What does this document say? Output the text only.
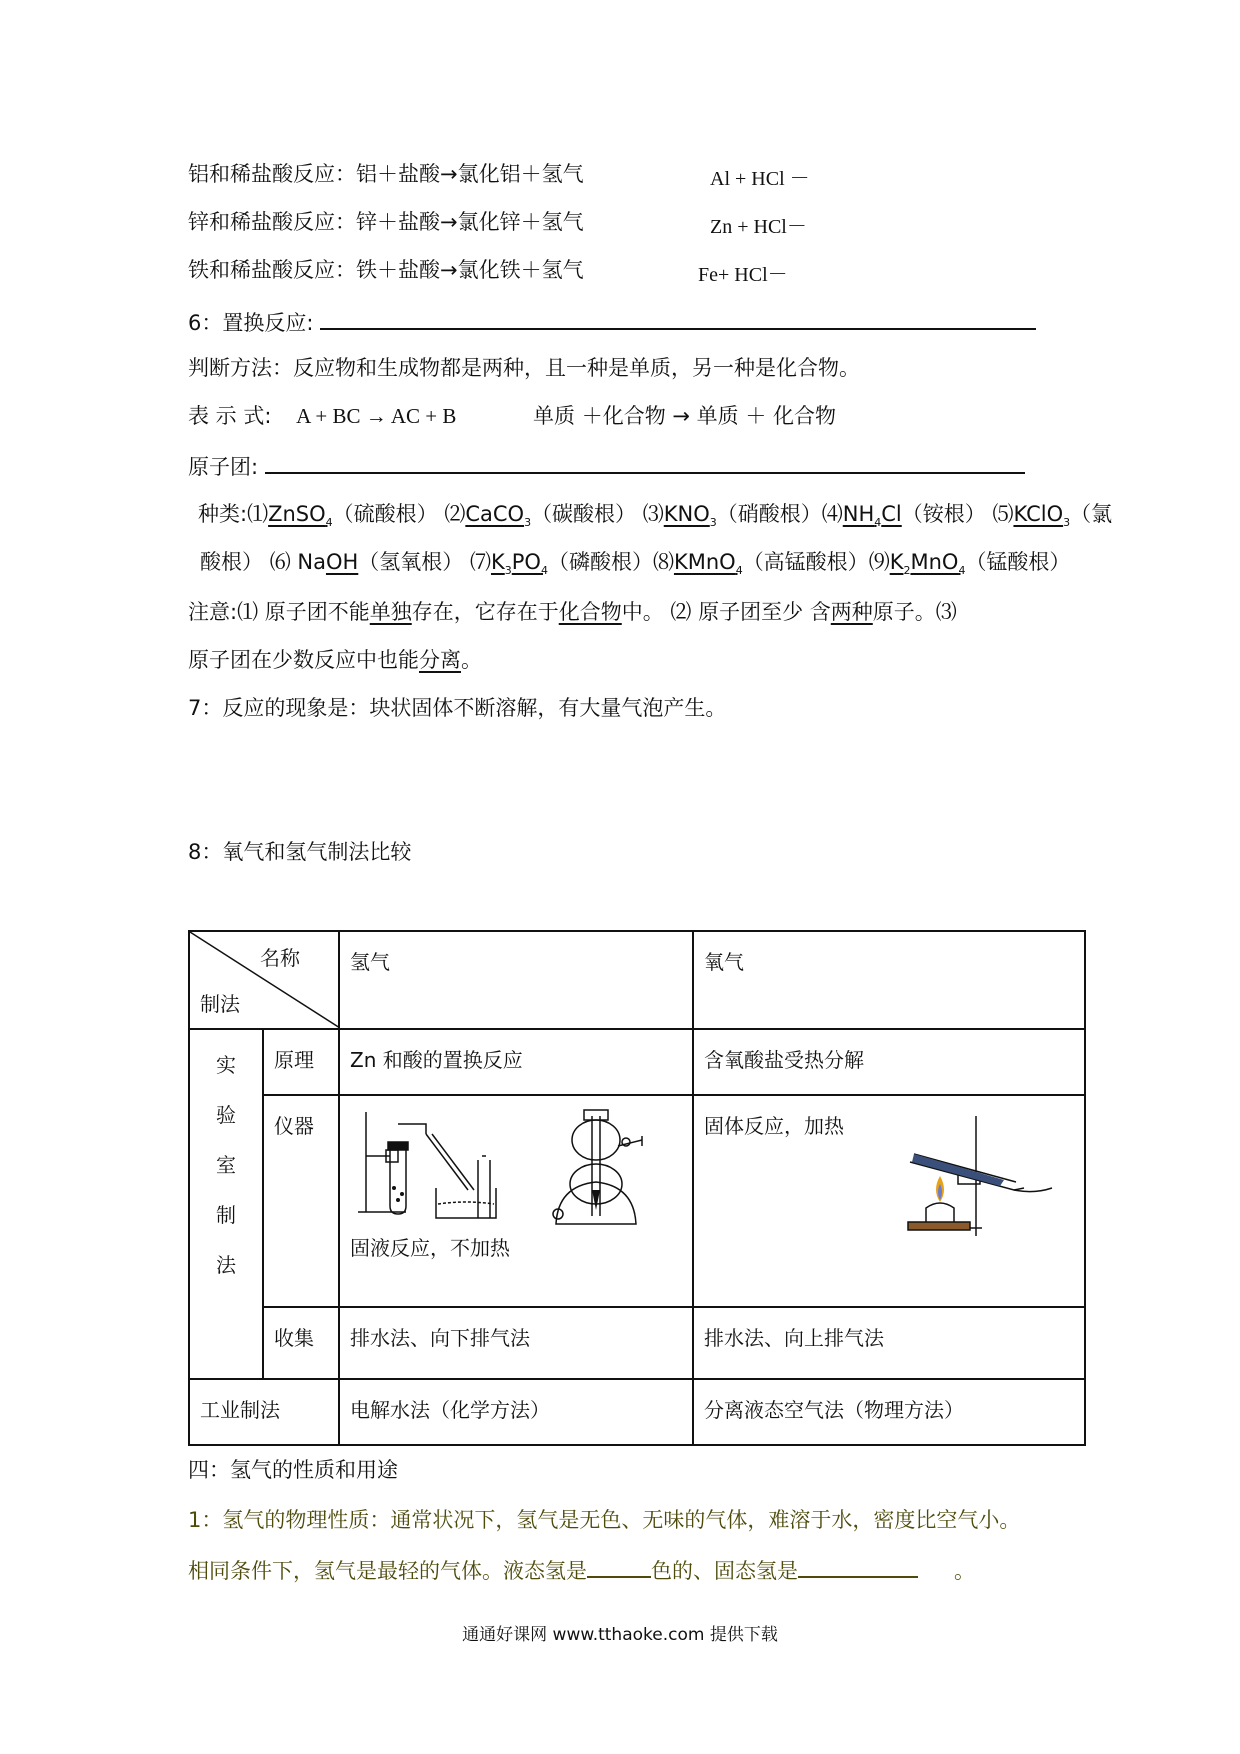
铝和稀盐酸反应：铝＋盐酸→氯化铝＋氢气	Al + HCl －
锌和稀盐酸反应：锌＋盐酸→氯化锌＋氢气	Zn + HCl－
铁和稀盐酸反应：铁＋盐酸→氯化铁＋氢气	Fe+ HCl－
6：置换反应:
判断方法：反应物和生成物都是两种，且一种是单质，另一种是化合物。
表 示 式: A + BC → AC + B	单质 ＋化合物 → 单质 ＋ 化合物
原子团:
种类:⑴ZnSO$_4$（硫酸根） ⑵CaCO$_3$（碳酸根） $⑶KNO_3$（硝酸根）$⑷NH_4Cl$（铵根） ⑸KClO$_3$（氯
酸根） ⑹ NaOH（氢氧根） $⑺K_3PO_4$（磷酸根）⑻KMnO$_4$（高锰酸根）$⑼K_2MnO_4$（锰酸根）
注意:⑴ 原子团不能单独存在，它存在于化合物中。 ⑵ 原子团至少 含两种原子。⑶
原子团在少数反应中也能分离。
7：反应的现象是：块状固体不断溶解，有大量气泡产生。
8：氧气和氢气制法比较
名称
制法		氢气	氧气

实
验
室
制
法	原理	Zn 和酸的置换反应	含氧酸盐受热分解
	仪器	固液反应，不加热	固体反应，加热

	收集	排水法、向下排气法	排水法、向上排气法
工业制法		电解水法（化学方法）	分离液态空气法（物理方法）
四：氢气的性质和用途
1：氢气的物理性质：通常状况下，氢气是无色、无味的气体，难溶于水，密度比空气小。
相同条件下，氢气是最轻的气体。液态氢是	色的、固态氢是	。
通通好课网 www.tthaoke.com 提供下载
